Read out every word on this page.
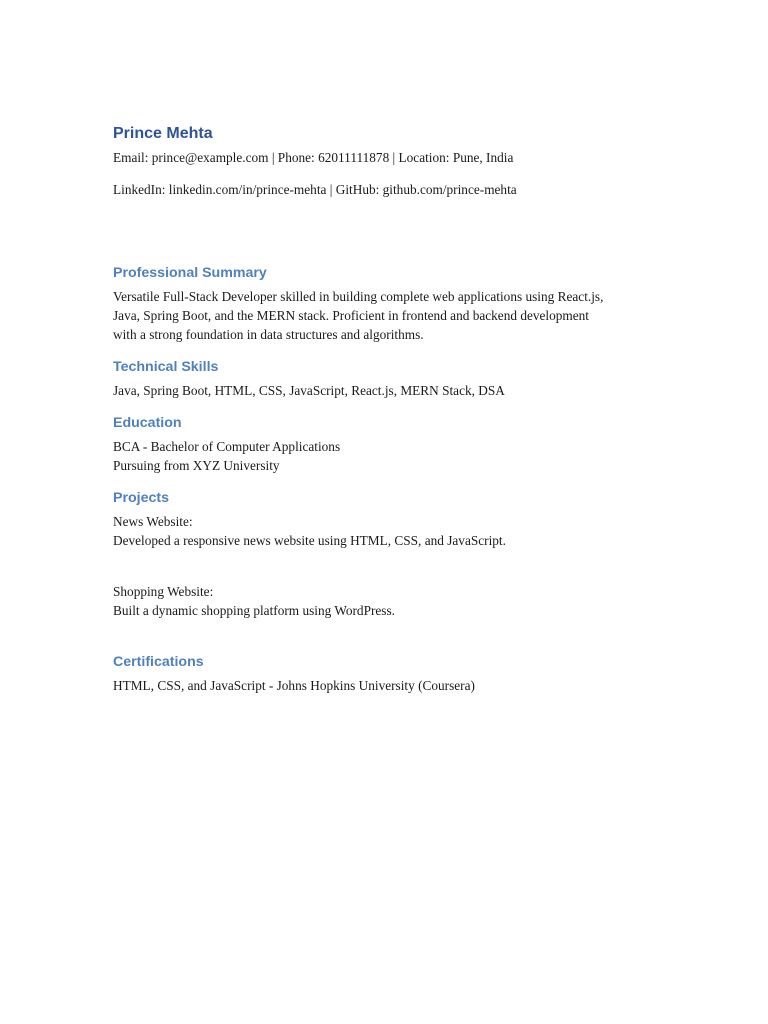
Prince Mehta
Email: prince@example.com | Phone: 62011111878 | Location: Pune, India
LinkedIn: linkedin.com/in/prince-mehta | GitHub: github.com/prince-mehta
Professional Summary
Versatile Full-Stack Developer skilled in building complete web applications using React.js,
Java, Spring Boot, and the MERN stack. Proficient in frontend and backend development
with a strong foundation in data structures and algorithms.
Technical Skills
Java, Spring Boot, HTML, CSS, JavaScript, React.js, MERN Stack, DSA
Education
BCA - Bachelor of Computer Applications
Pursuing from XYZ University
Projects
News Website:
Developed a responsive news website using HTML, CSS, and JavaScript.
Shopping Website:
Built a dynamic shopping platform using WordPress.
Certifications
HTML, CSS, and JavaScript - Johns Hopkins University (Coursera)
